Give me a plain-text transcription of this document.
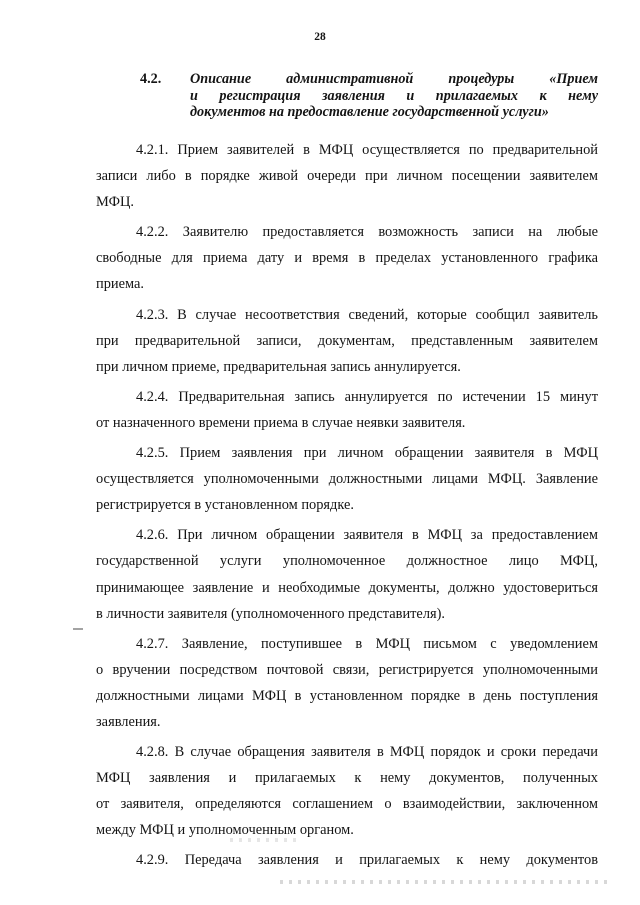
28
4.2. Описание административной процедуры «Прием
и регистрация заявления и прилагаемых к нему
документов на предоставление государственной услуги»
4.2.1. Прием заявителей в МФЦ осуществляется по предварительной
записи либо в порядке живой очереди при личном посещении заявителем
МФЦ.
4.2.2. Заявителю предоставляется возможность записи на любые
свободные для приема дату и время в пределах установленного графика
приема.
4.2.3. В случае несоответствия сведений, которые сообщил заявитель
при предварительной записи, документам, представленным заявителем
при личном приеме, предварительная запись аннулируется.
4.2.4. Предварительная запись аннулируется по истечении 15 минут
от назначенного времени приема в случае неявки заявителя.
4.2.5. Прием заявления при личном обращении заявителя в МФЦ
осуществляется уполномоченными должностными лицами МФЦ. Заявление
регистрируется в установленном порядке.
4.2.6. При личном обращении заявителя в МФЦ за предоставлением
государственной услуги уполномоченное должностное лицо МФЦ,
принимающее заявление и необходимые документы, должно удостовериться
в личности заявителя (уполномоченного представителя).
4.2.7. Заявление, поступившее в МФЦ письмом с уведомлением
о вручении посредством почтовой связи, регистрируется уполномоченными
должностными лицами МФЦ в установленном порядке в день поступления
заявления.
4.2.8. В случае обращения заявителя в МФЦ порядок и сроки передачи
МФЦ заявления и прилагаемых к нему документов, полученных
от заявителя, определяются соглашением о взаимодействии, заключенном
между МФЦ и уполномоченным органом.
4.2.9. Передача заявления и прилагаемых к нему документов
